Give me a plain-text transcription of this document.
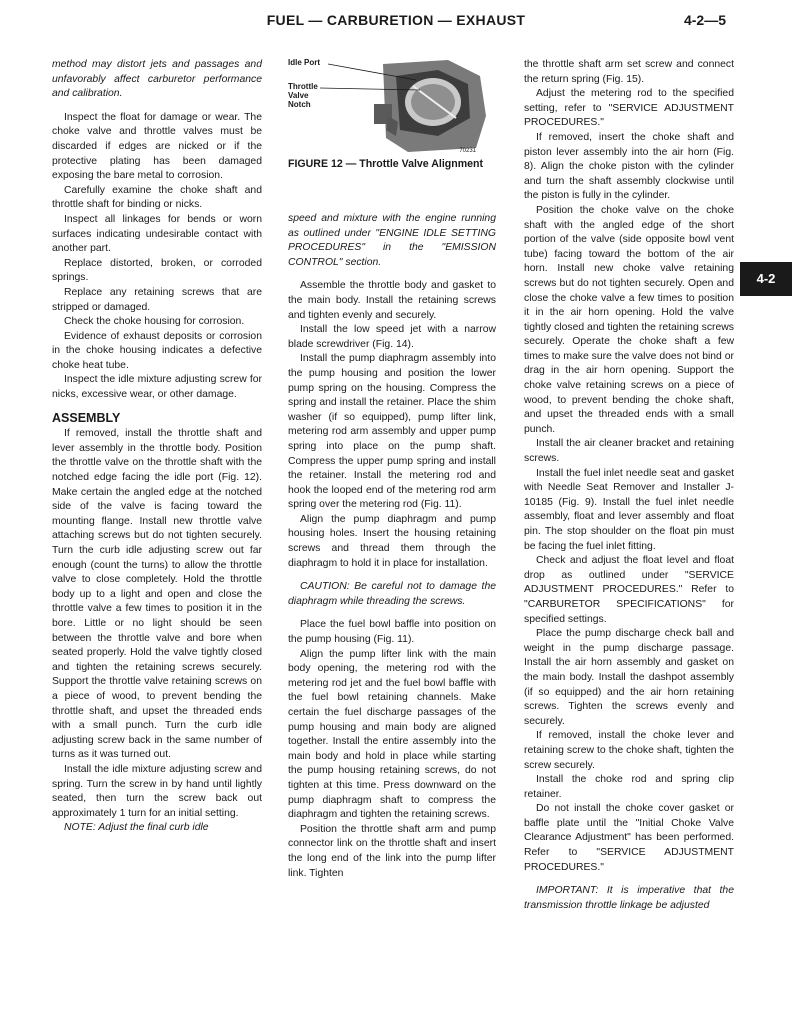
FUEL — CARBURETION — EXHAUST	4-2—5
4-2

method may distort jets and passages and unfavorably affect carburetor performance and calibration.

Inspect the float for damage or wear. The choke valve and throttle valves must be discarded if edges are nicked or if the protective plating has been damaged exposing the bare metal to corrosion.

Carefully examine the choke shaft and throttle shaft for binding or nicks.

Inspect all linkages for bends or worn surfaces indicating undesirable contact with another part.

Replace distorted, broken, or corroded springs.

Replace any retaining screws that are stripped or damaged.

Check the choke housing for corrosion.

Evidence of exhaust deposits or corrosion in the choke housing indicates a defective choke heat tube.

Inspect the idle mixture adjusting screw for nicks, excessive wear, or other damage.

ASSEMBLY

If removed, install the throttle shaft and lever assembly in the throttle body. Position the throttle valve on the throttle shaft with the notched edge facing the idle port (Fig. 12). Make certain the angled edge at the notched side of the valve is facing toward the mounting flange. Install new throttle valve attaching screws but do not tighten securely. Turn the curb idle adjusting screw out far enough (count the turns) to allow the throttle valve to close completely. Hold the throttle body up to a light and open and close the throttle valve a few times to position it in the bore. Little or no light should be seen between the throttle valve and bore when seated properly. Hold the valve tightly closed and tighten the retaining screws securely. Support the throttle valve retaining screws on a piece of wood, to prevent bending the throttle shaft, and upset the threaded ends with a small punch. Turn the curb idle adjusting screw back in the same number of turns as it was turned out.

Install the idle mixture adjusting screw and spring. Turn the screw in by hand until lightly seated, then turn the screw back out approximately 1 turn for an initial setting.

NOTE: Adjust the final curb idle

Idle Port
Throttle
Valve
Notch
70231
FIGURE 12 — Throttle Valve Alignment

speed and mixture with the engine running as outlined under "ENGINE IDLE SETTING PROCEDURES" in the "EMISSION CONTROL" section.

Assemble the throttle body and gasket to the main body. Install the retaining screws and tighten evenly and securely.

Install the low speed jet with a narrow blade screwdriver (Fig. 14).

Install the pump diaphragm assembly into the pump housing and position the lower pump spring on the housing. Compress the spring and install the retainer. Place the shim washer (if so equipped), pump lifter link, metering rod arm assembly and upper pump spring into place on the pump shaft. Compress the upper pump spring and install the retainer. Install the metering rod and hook the looped end of the metering rod arm spring over the metering rod (Fig. 11).

Align the pump diaphragm and pump housing holes. Insert the housing retaining screws and thread them through the diaphragm to hold it in place for installation.

CAUTION: Be careful not to damage the diaphragm while threading the screws.

Place the fuel bowl baffle into position on the pump housing (Fig. 11).

Align the pump lifter link with the main body opening, the metering rod with the metering rod jet and the fuel bowl baffle with the fuel bowl retaining channels. Make certain the fuel discharge passages of the pump housing and main body are aligned together. Install the entire assembly into the main body and hold in place while starting the pump housing retaining screws, do not tighten at this time. Press downward on the pump diaphragm shaft to compress the diaphragm and tighten the retaining screws.

Position the throttle shaft arm and pump connector link on the throttle shaft and insert the long end of the link into the pump lifter link. Tighten

the throttle shaft arm set screw and connect the return spring (Fig. 15).

Adjust the metering rod to the specified setting, refer to "SERVICE ADJUSTMENT PROCEDURES."

If removed, insert the choke shaft and piston lever assembly into the air horn (Fig. 8). Align the choke piston with the cylinder and turn the shaft assembly clockwise until the piston is fully in the cylinder.

Position the choke valve on the choke shaft with the angled edge of the short portion of the valve (side opposite bowl vent tube) facing toward the bottom of the air horn. Install new choke valve retaining screws but do not tighten securely. Open and close the choke valve a few times to position it in the air horn opening. Hold the valve tightly closed and tighten the retaining screws securely. Operate the choke shaft a few times to make sure the valve does not bind or drag in the air horn opening. Support the choke valve retaining screws on a piece of wood, to prevent bending the choke shaft, and upset the threaded ends with a small punch.

Install the air cleaner bracket and retaining screws.

Install the fuel inlet needle seat and gasket with Needle Seat Remover and Installer J-10185 (Fig. 9). Install the fuel inlet needle assembly, float and lever assembly and float pin. The stop shoulder on the float pin must be facing the fuel inlet fitting.

Check and adjust the float level and float drop as outlined under "SERVICE ADJUSTMENT PROCEDURES." Refer to "CARBURETOR SPECIFICATIONS" for specified settings.

Place the pump discharge check ball and weight in the pump discharge passage. Install the air horn assembly and gasket on the main body. Install the dashpot assembly (if so equipped) and the air horn retaining screws. Tighten the screws evenly and securely.

If removed, install the choke lever and retaining screw to the choke shaft, tighten the screw securely.

Install the choke rod and spring clip retainer.

Do not install the choke cover gasket or baffle plate until the "Initial Choke Valve Clearance Adjustment" has been performed. Refer to "SERVICE ADJUSTMENT PROCEDURES."

IMPORTANT: It is imperative that the transmission throttle linkage be adjusted
